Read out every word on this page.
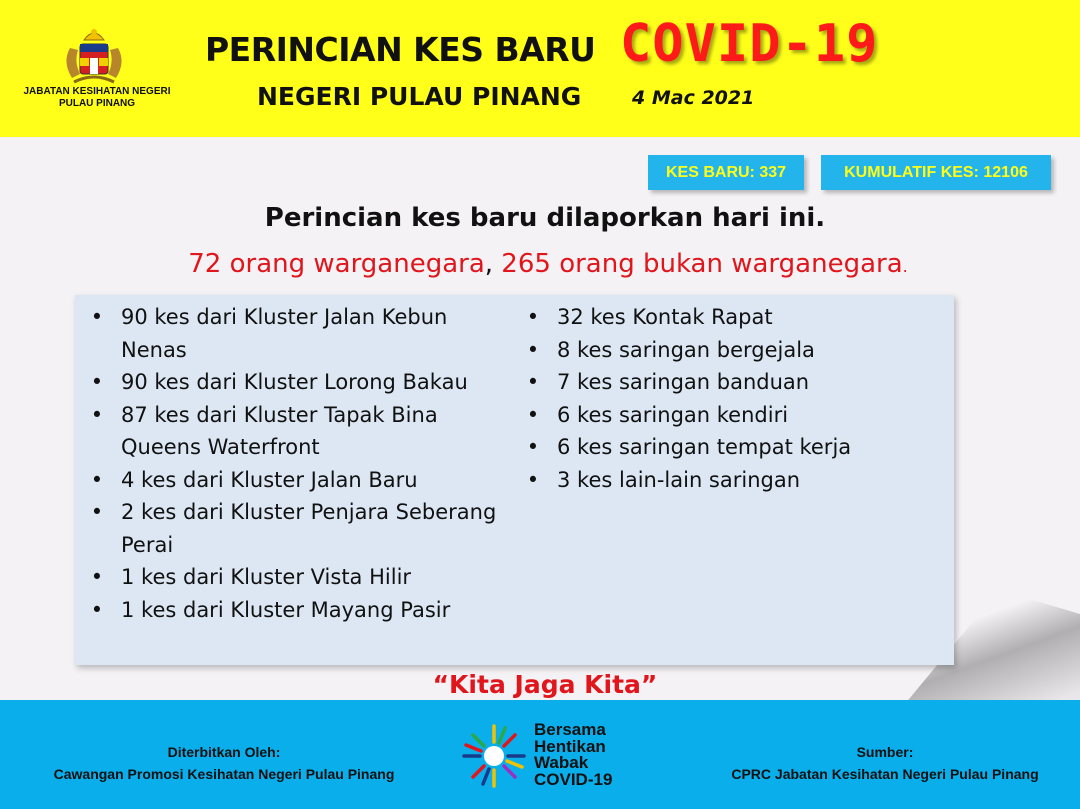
JABATAN KESIHATAN NEGERI
PULAU PINANG
PERINCIAN KES BARU COVID-19
NEGERI PULAU PINANG	4 Mac 2021
KES BARU: 337	KUMULATIF KES: 12106
Perincian kes baru dilaporkan hari ini.
72 orang warganegara, 265 orang bukan warganegara.
• 90 kes dari Kluster Jalan Kebun
Nenas
• 90 kes dari Kluster Lorong Bakau
• 87 kes dari Kluster Tapak Bina
Queens Waterfront
• 4 kes dari Kluster Jalan Baru
• 2 kes dari Kluster Penjara Seberang
Perai
• 1 kes dari Kluster Vista Hilir
• 1 kes dari Kluster Mayang Pasir
• 32 kes Kontak Rapat
• 8 kes saringan bergejala
• 7 kes saringan banduan
• 6 kes saringan kendiri
• 6 kes saringan tempat kerja
• 3 kes lain-lain saringan
“Kita Jaga Kita”
Diterbitkan Oleh:
Cawangan Promosi Kesihatan Negeri Pulau Pinang
Bersama
Hentikan
Wabak
COVID-19
Sumber:
CPRC Jabatan Kesihatan Negeri Pulau Pinang
